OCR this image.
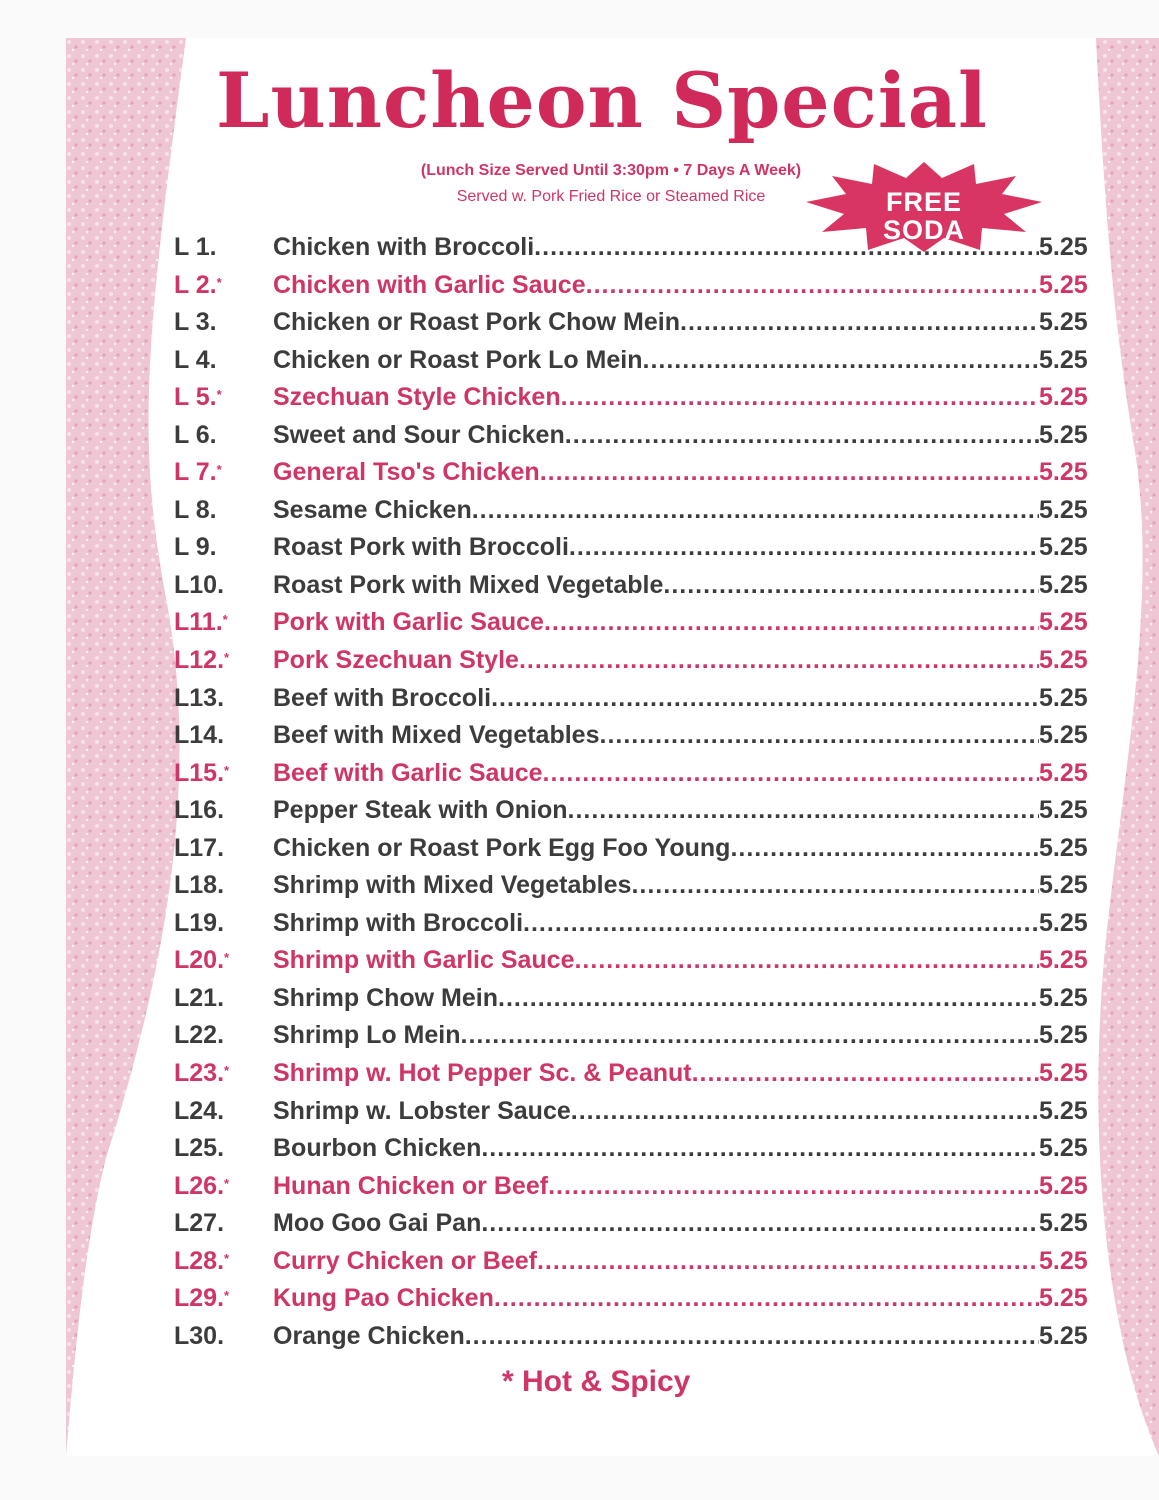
Luncheon Special
(Lunch Size Served Until 3:30pm • 7 Days A Week)
Served w. Pork Fried Rice or Steamed Rice	FREE
SODA
L 1. Chicken with Broccoli .....	5.25
L 2.* Chicken with Garlic Sauce .....	5.25
L 3. Chicken or Roast Pork Chow Mein .....	5.25
L 4. Chicken or Roast Pork Lo Mein .....	5.25
L 5.* Szechuan Style Chicken .....	5.25
L 6. Sweet and Sour Chicken .....	5.25
L 7.* General Tso's Chicken .....	5.25
L 8. Sesame Chicken .....	5.25
L 9. Roast Pork with Broccoli .....	5.25
L10. Roast Pork with Mixed Vegetable .....	5.25
L11.* Pork with Garlic Sauce .....	5.25
L12.* Pork Szechuan Style .....	5.25
L13. Beef with Broccoli .....	5.25
L14. Beef with Mixed Vegetables .....	5.25
L15.* Beef with Garlic Sauce .....	5.25
L16. Pepper Steak with Onion .....	5.25
L17. Chicken or Roast Pork Egg Foo Young .....	5.25
L18. Shrimp with Mixed Vegetables .....	5.25
L19. Shrimp with Broccoli .....	5.25
L20.* Shrimp with Garlic Sauce .....	5.25
L21. Shrimp Chow Mein .....	5.25
L22. Shrimp Lo Mein .....	5.25
L23.* Shrimp w. Hot Pepper Sc. & Peanut .....	5.25
L24. Shrimp w. Lobster Sauce .....	5.25
L25. Bourbon Chicken .....	5.25
L26.* Hunan Chicken or Beef .....	5.25
L27. Moo Goo Gai Pan .....	5.25
L28.* Curry Chicken or Beef .....	5.25
L29.* Kung Pao Chicken .....	5.25
L30. Orange Chicken .....	5.25
* Hot & Spicy
